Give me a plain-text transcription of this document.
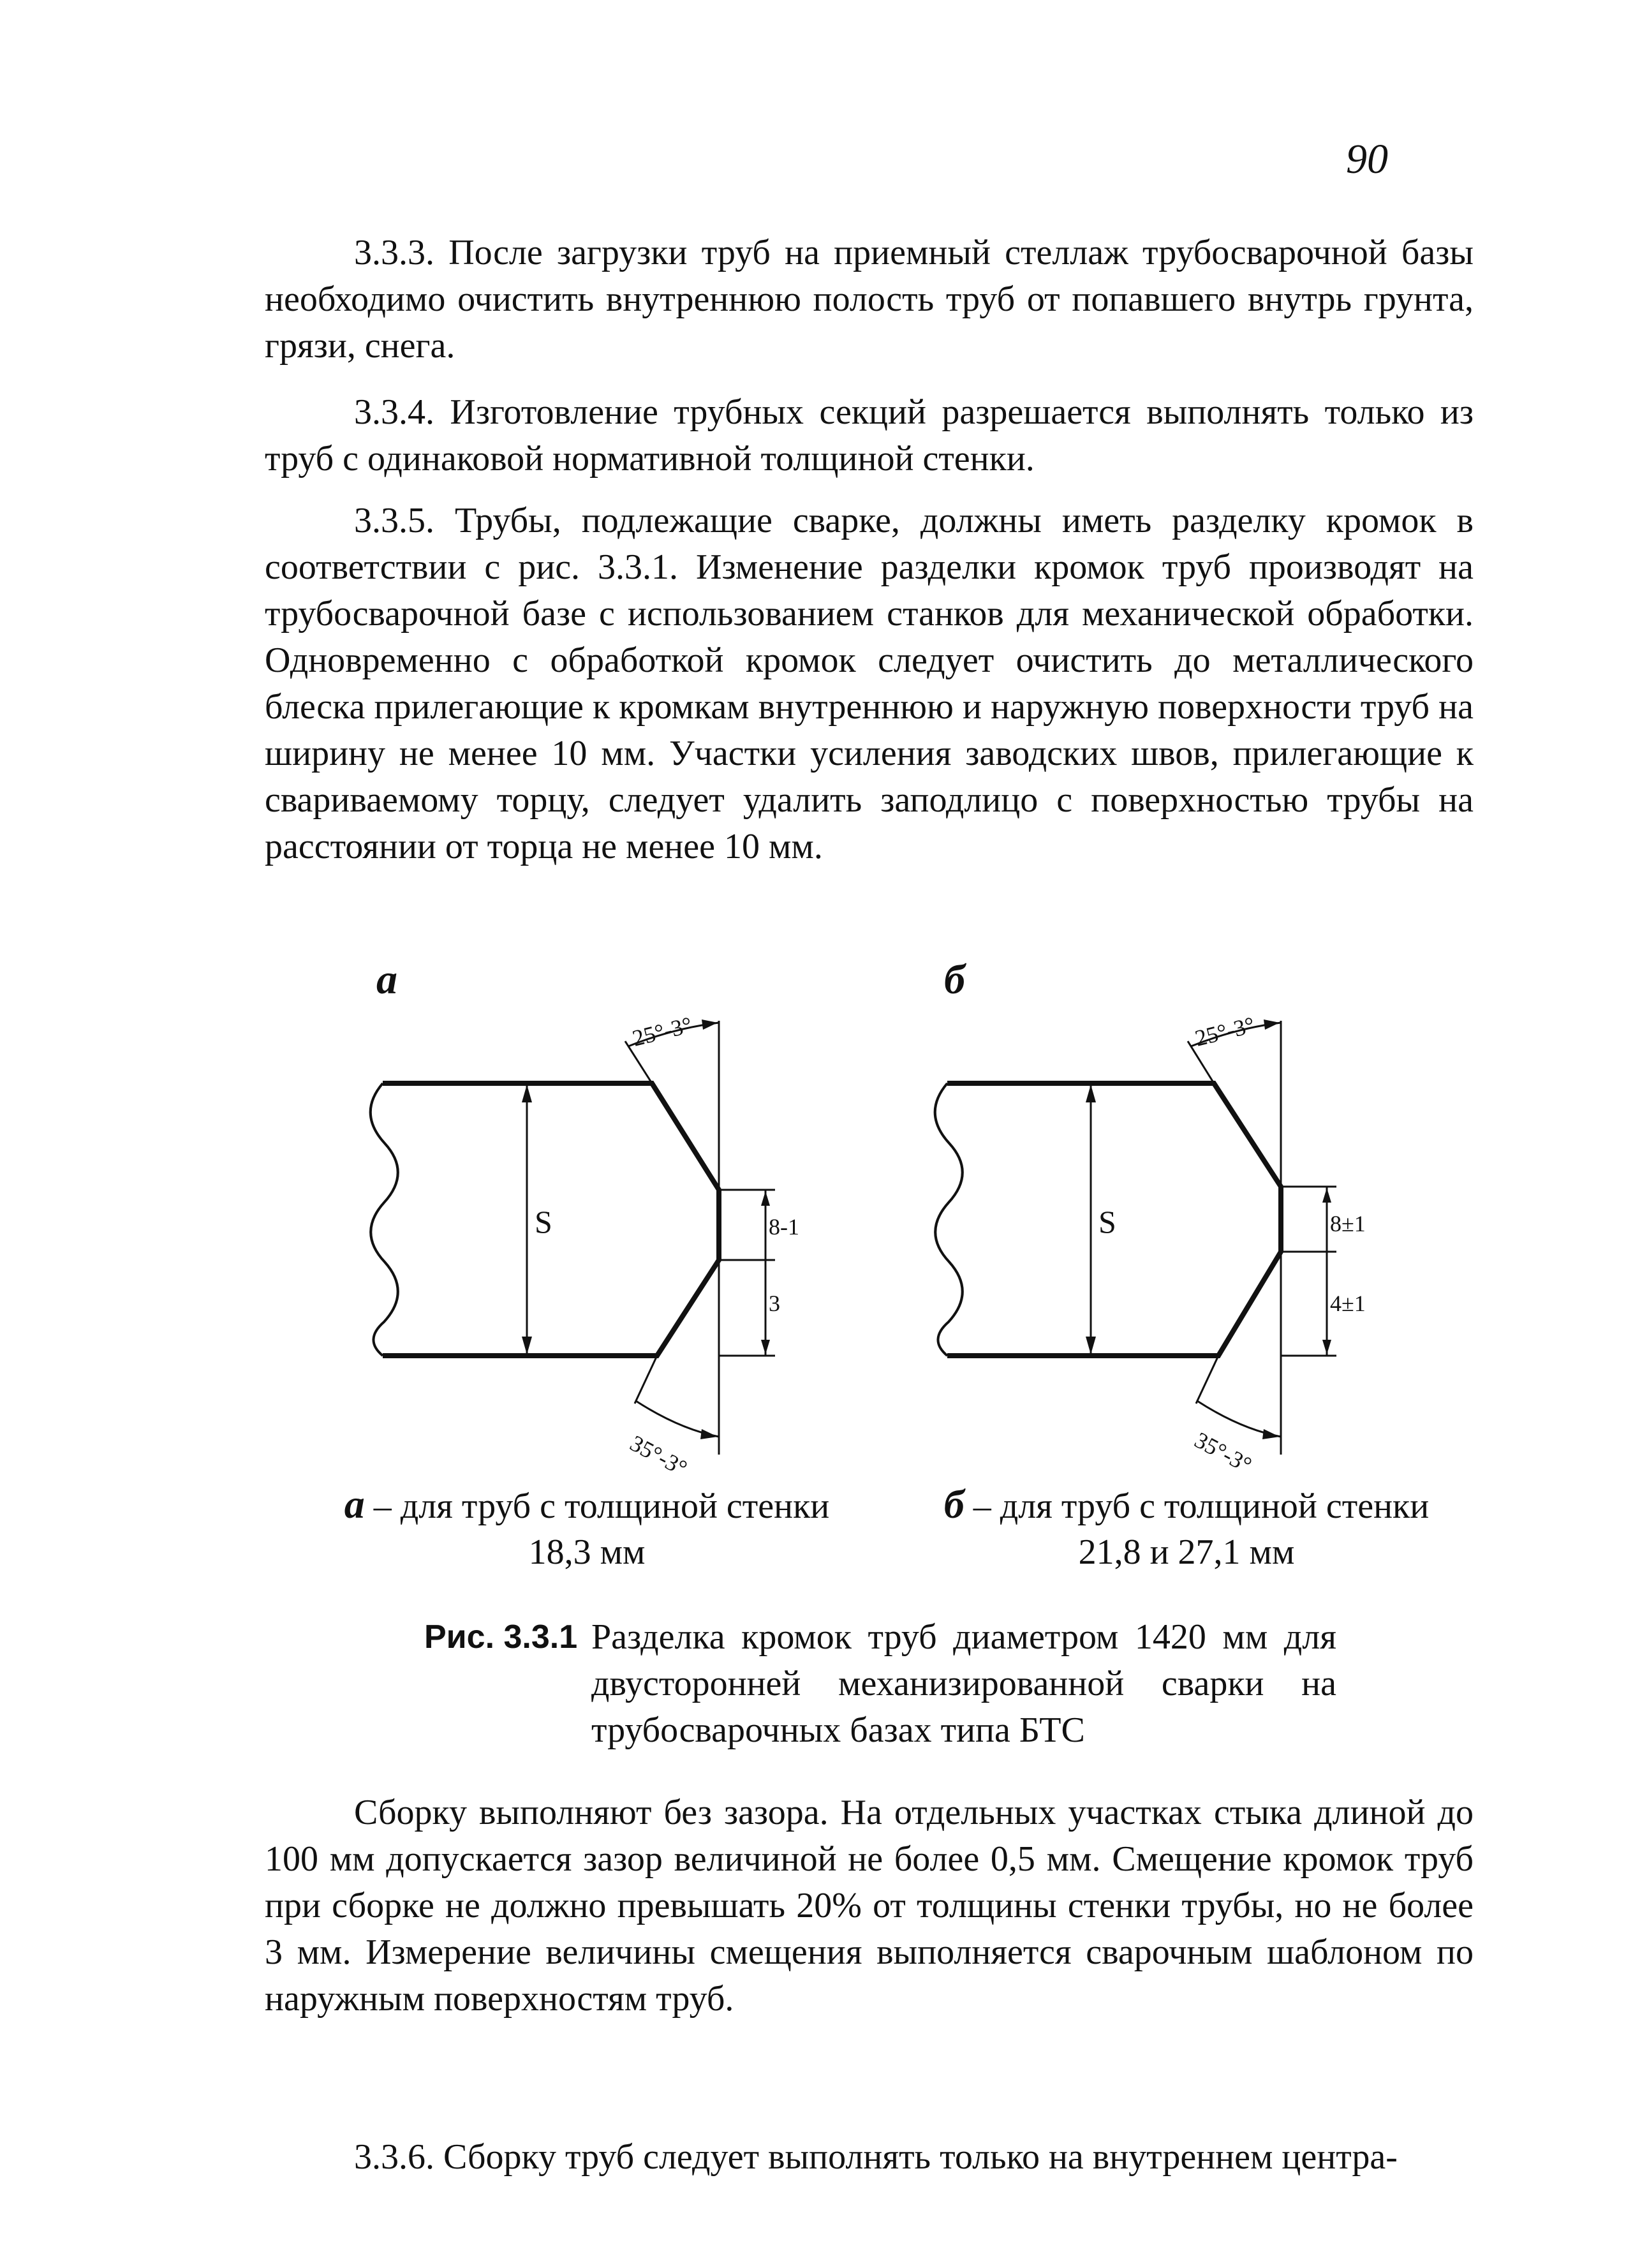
90

3.3.3. После загрузки труб на приемный стеллаж трубосварочной базы необходимо очистить внутреннюю полость труб от попавшего внутрь грунта, грязи, снега.

3.3.4. Изготовление трубных секций разрешается выполнять только из труб с одинаковой нормативной толщиной стенки.

3.3.5. Трубы, подлежащие сварке, должны иметь разделку кромок в соответствии с рис. 3.3.1. Изменение разделки кромок труб производят на трубосварочной базе с использованием станков для механической обработки. Одновременно с обработкой кромок следует очистить до металлического блеска прилегающие к кромкам внутреннюю и наружную поверхности труб на ширину не менее 10 мм. Участки усиления заводских швов, прилегающие к свариваемому торцу, следует удалить заподлицо с поверхностью трубы на расстоянии от торца не менее 10 мм.

а	б
S	8-1
3
25°-3°
35°-3°
S	8±1
4±1
25°-3°
35°-3°
а – для труб с толщиной стенки
18,3 мм
б – для труб с толщиной стенки
21,8 и 27,1 мм
Рис. 3.3.1 Разделка кромок труб диаметром 1420 мм для двусторонней механизированной сварки на трубосварочных базах типа БТС

Сборку выполняют без зазора. На отдельных участках стыка длиной до 100 мм допускается зазор величиной не более 0,5 мм. Смещение кромок труб при сборке не должно превышать 20% от толщины стенки трубы, но не более 3 мм. Измерение величины смещения выполняется сварочным шаблоном по наружным поверхностям труб.

3.3.6. Сборку труб следует выполнять только на внутреннем центра-
